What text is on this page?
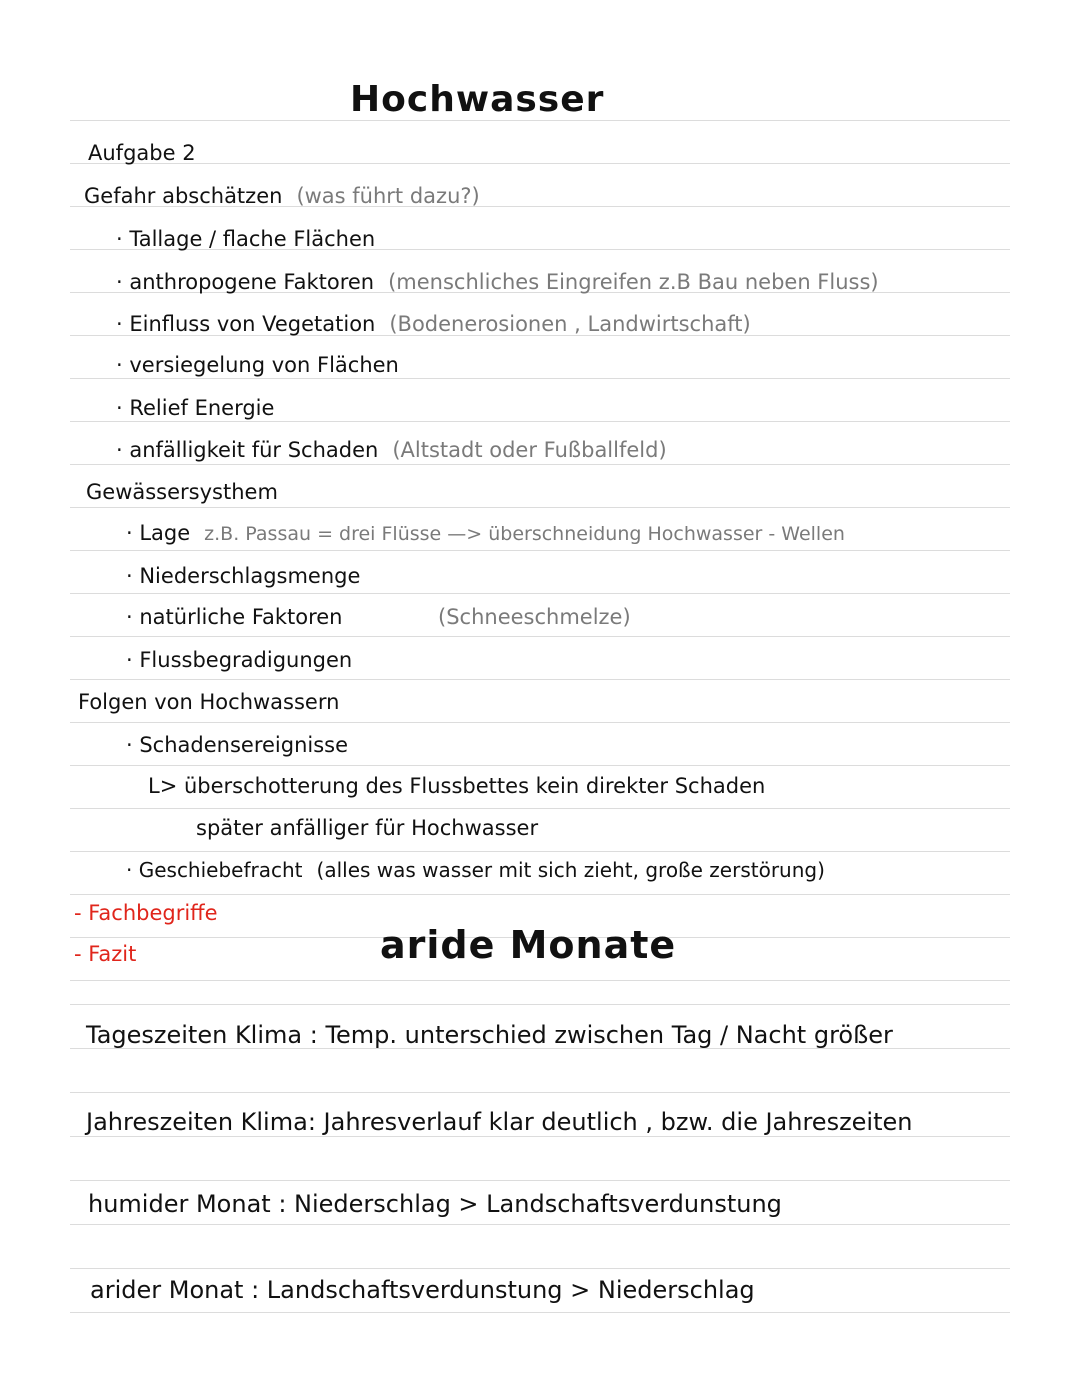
Hochwasser
Aufgabe 2
Gefahr abschätzen (was führt dazu?)
· Tallage / flache Flächen
· anthropogene Faktoren (menschliches Eingreifen z.B Bau neben Fluss)
· Einfluss von Vegetation (Bodenerosionen , Landwirtschaft)
· versiegelung von Flächen
· Relief Energie
· anfälligkeit für Schaden (Altstadt oder Fußballfeld)
Gewässersysthem
· Lage z.B. Passau = drei Flüsse —> überschneidung Hochwasser - Wellen
· Niederschlagsmenge
· natürliche Faktoren	(Schneeschmelze)
· Flussbegradigungen
Folgen von Hochwassern
· Schadensereignisse
L> überschotterung des Flussbettes kein direkter Schaden
später anfälliger für Hochwasser
· Geschiebefracht (alles was wasser mit sich zieht, große zerstörung)
- Fachbegriffe
- Fazit	aride Monate
Tageszeiten Klima : Temp. unterschied zwischen Tag / Nacht größer
Jahreszeiten Klima: Jahresverlauf klar deutlich , bzw. die Jahreszeiten
humider Monat : Niederschlag > Landschaftsverdunstung
arider Monat : Landschaftsverdunstung > Niederschlag
